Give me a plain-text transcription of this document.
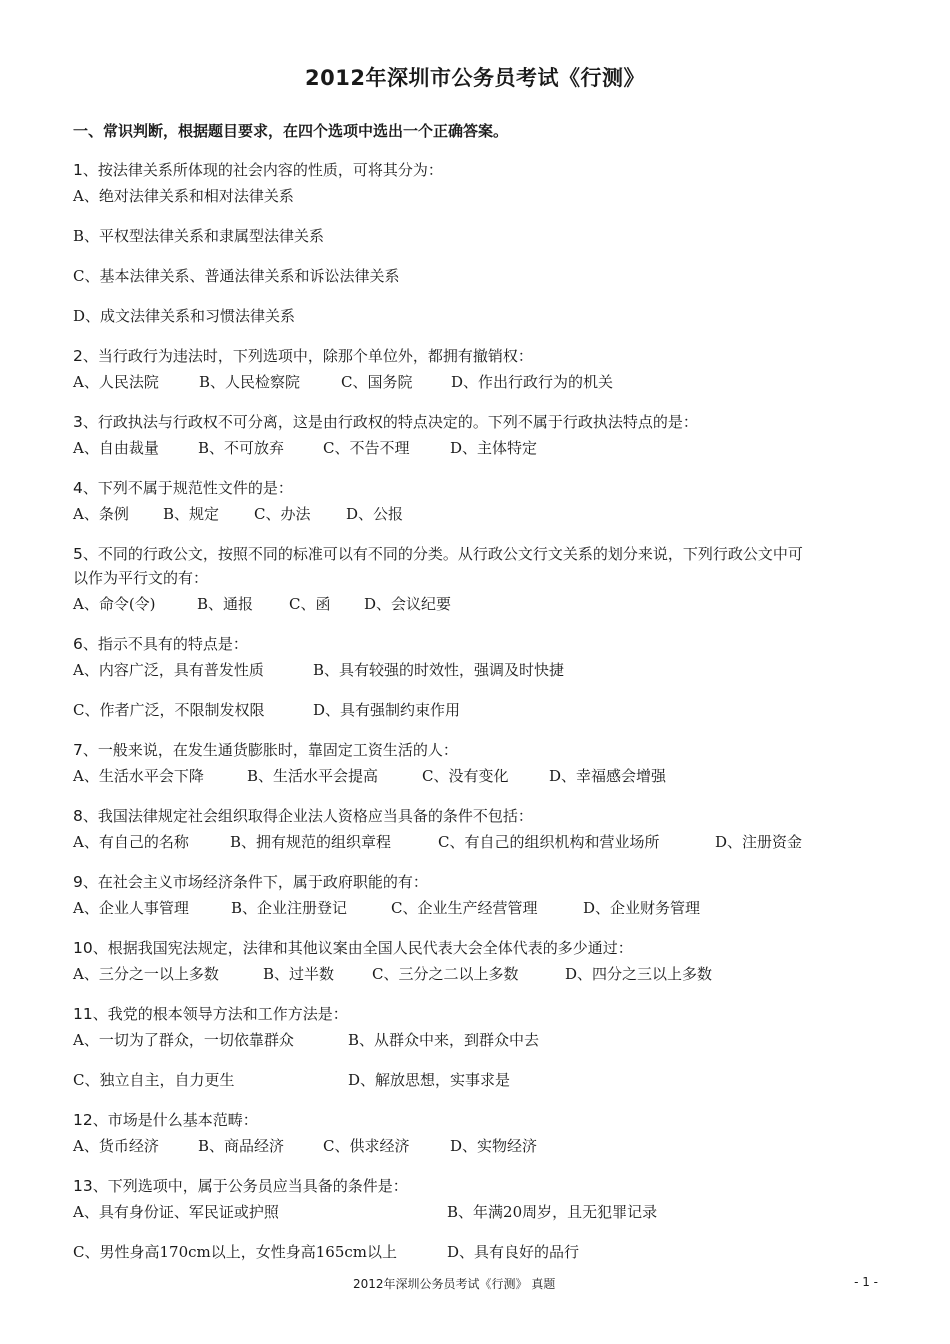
2012年深圳市公务员考试《行测》
一、常识判断，根据题目要求，在四个选项中选出一个正确答案。
1、按法律关系所体现的社会内容的性质，可将其分为：
A、绝对法律关系和相对法律关系
B、平权型法律关系和隶属型法律关系
C、基本法律关系、普通法律关系和诉讼法律关系
D、成文法律关系和习惯法律关系
2、当行政行为违法时，下列选项中，除那个单位外，都拥有撤销权：
A、人民法院	B、人民检察院	C、国务院	D、作出行政行为的机关
3、行政执法与行政权不可分离，这是由行政权的特点决定的。下列不属于行政执法特点的是：
A、自由裁量	B、不可放弃	C、不告不理	D、主体特定
4、下列不属于规范性文件的是：
A、条例 B、规定 C、办法 D、公报
5、不同的行政公文，按照不同的标准可以有不同的分类。从行政公文行文关系的划分来说，下列行政公文中可
以作为平行文的有：
A、命令(令)	B、通报 C、函 D、会议纪要
6、指示不具有的特点是：
A、内容广泛，具有普发性质	B、具有较强的时效性，强调及时快捷
C、作者广泛，不限制发权限	D、具有强制约束作用
7、一般来说，在发生通货膨胀时，靠固定工资生活的人：
A、生活水平会下降	B、生活水平会提高	C、没有变化	D、幸福感会增强
8、我国法律规定社会组织取得企业法人资格应当具备的条件不包括：
A、有自己的名称	B、拥有规范的组织章程	C、有自己的组织机构和营业场所	D、注册资金
9、在社会主义市场经济条件下，属于政府职能的有：
A、企业人事管理	B、企业注册登记	C、企业生产经营管理	D、企业财务管理
10、根据我国宪法规定，法律和其他议案由全国人民代表大会全体代表的多少通过：
A、三分之一以上多数	B、过半数	C、三分之二以上多数	D、四分之三以上多数
11、我党的根本领导方法和工作方法是：
A、一切为了群众，一切依靠群众	B、从群众中来，到群众中去
C、独立自主，自力更生	D、解放思想，实事求是
12、市场是什么基本范畴：
A、货币经济	B、商品经济	C、供求经济	D、实物经济
13、下列选项中，属于公务员应当具备的条件是：
A、具有身份证、军民证或护照	B、年满20周岁，且无犯罪记录
C、男性身高170cm以上，女性身高165cm以上	D、具有良好的品行
2012年深圳公务员考试《行测》 真题	- 1 -
